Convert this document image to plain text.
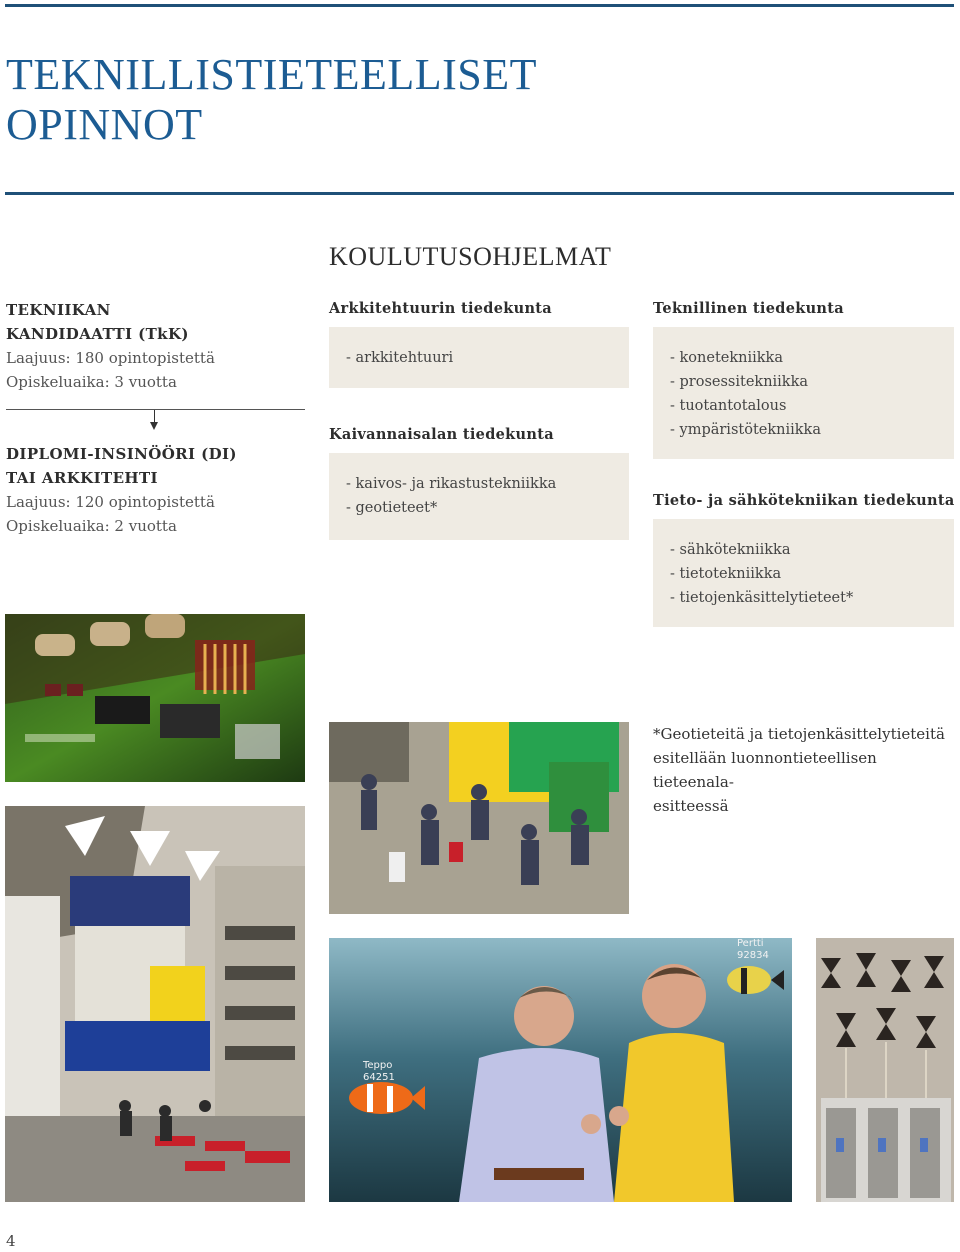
TEKNILLISTIETEELLISET
OPINNOT
KOULUTUSOHJELMAT
TEKNIIKAN
KANDIDAATTI (TkK)
Laajuus: 180 opintopistettä
Opiskeluaika: 3 vuotta
DIPLOMI-INSINÖÖRI (DI)
TAI ARKKITEHTI
Laajuus: 120 opintopistettä
Opiskeluaika: 2 vuotta
Arkkitehtuurin tiedekunta
- arkkitehtuuri
Kaivannaisalan tiedekunta
- kaivos- ja rikastustekniikka
- geotieteet*
Teknillinen tiedekunta
- konetekniikka
- prosessitekniikka
- tuotantotalous
- ympäristötekniikka
Tieto- ja sähkötekniikan tiedekunta
- sähkötekniikka
- tietotekniikka
- tietojenkäsittelytieteet*
*Geotieteitä ja tietojenkäsittelytieteitä
esitellään luonnontieteellisen tieteenala-
esitteessä
Teppo
64251
Pertti
92834
4
